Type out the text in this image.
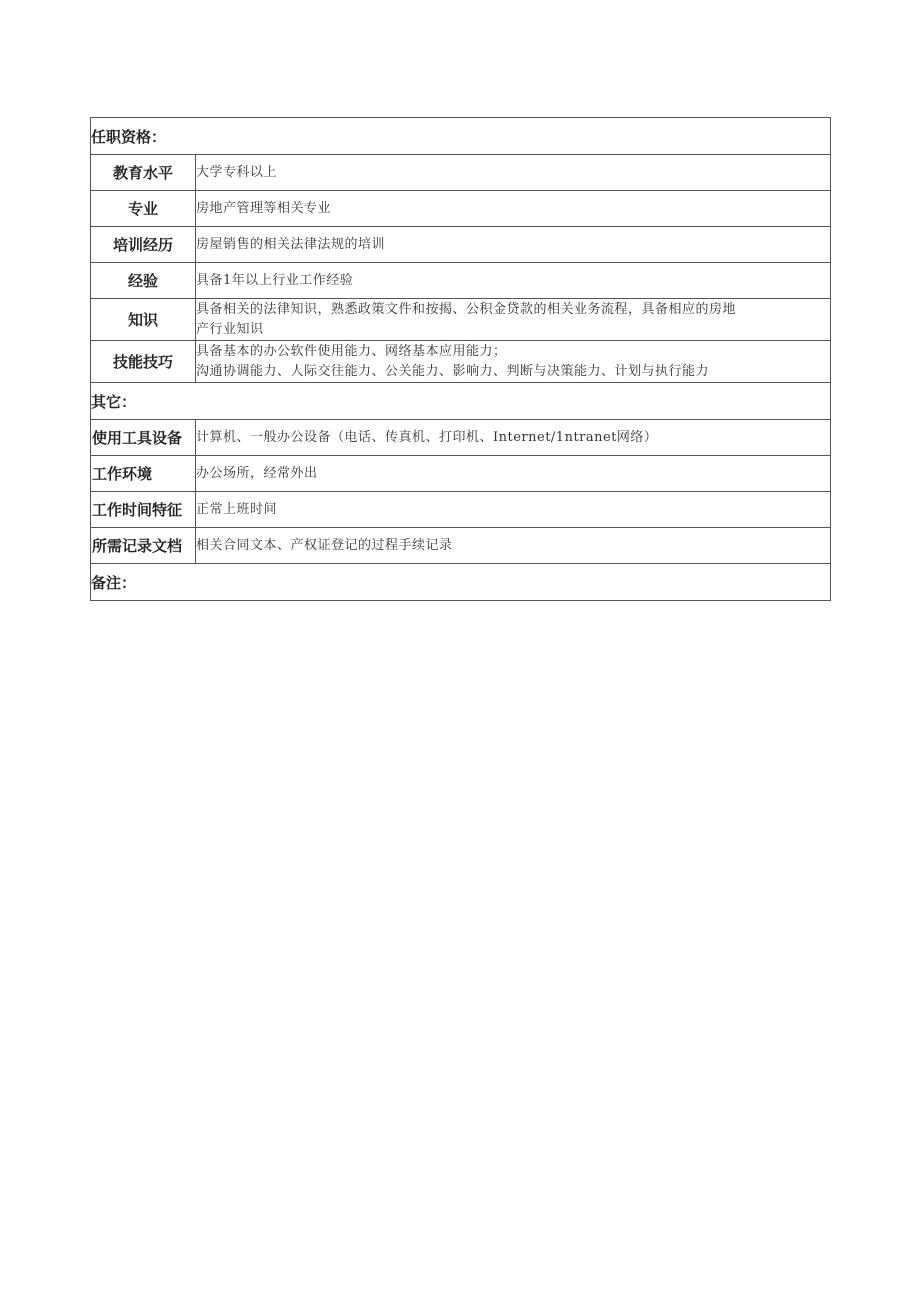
任职资格：	
教育水平	大学专科以上

专业	房地产管理等相关专业

培训经历	房屋销售的相关法律法规的培训

经验	具备1年以上行业工作经验

知识	具备相关的法律知识，熟悉政策文件和按揭、公积金贷款的相关业务流程，具备相应的房地
产行业知识

技能技巧	具备基本的办公软件使用能力、网络基本应用能力；
沟通协调能力、人际交往能力、公关能力、影响力、判断与决策能力、计划与执行能力

其它：	
使用工具设备	计算机、一般办公设备（电话、传真机、打印机、Internet/1ntranet网络）

工作环境	办公场所，经常外出

工作时间特征	正常上班时间

所需记录文档	相关合同文本、产权证登记的过程手续记录

备注：	
